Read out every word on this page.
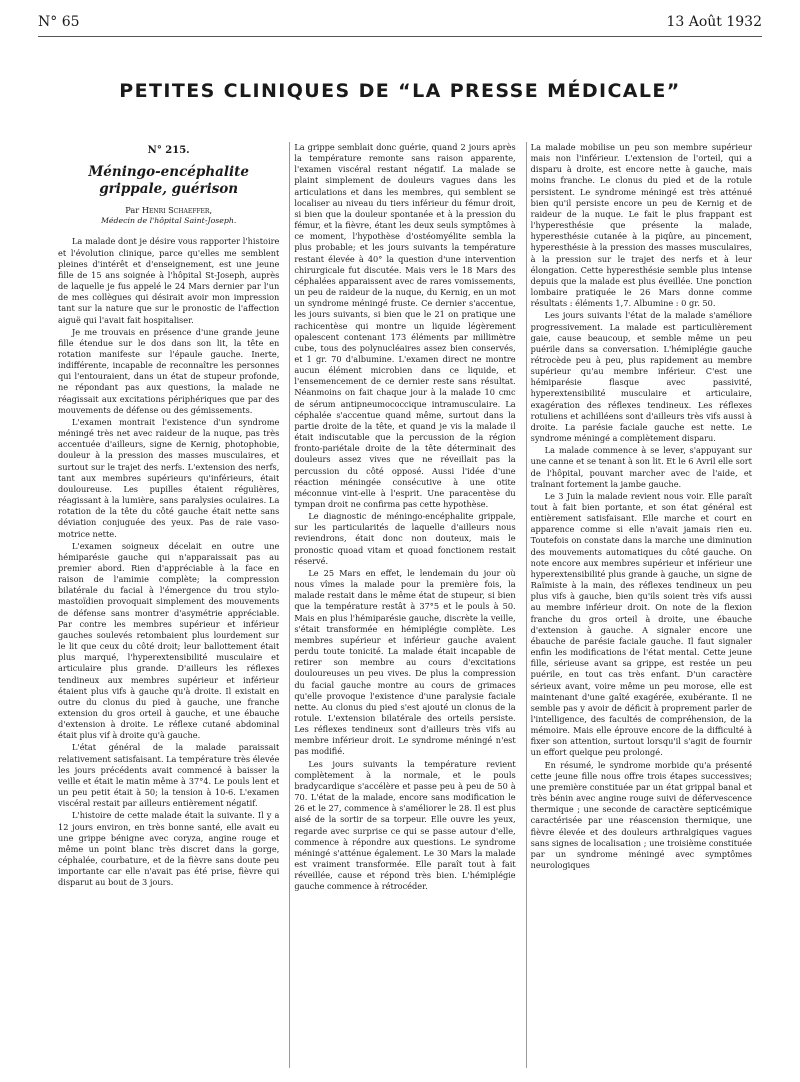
N° 65	13 Août 1932
PETITES CLINIQUES DE “LA PRESSE MÉDICALE”
N° 215.
Méningo-encéphalite grippale, guérison
Par Henri Schaeffer,
Médecin de l'hôpital Saint-Joseph.

La malade dont je désire vous rapporter l'histoire et l'évolution clinique, parce qu'elles me semblent pleines d'intérêt et d'enseignement, est une jeune fille de 15 ans soignée à l'hôpital St-Joseph, auprès de laquelle je fus appelé le 24 Mars dernier par l'un de mes collègues qui désirait avoir mon impression tant sur la nature que sur le pronostic de l'affection aiguë qui l'avait fait hospitaliser.

Je me trouvais en présence d'une grande jeune fille étendue sur le dos dans son lit, la tête en rotation manifeste sur l'épaule gauche. Inerte, indifférente, incapable de reconnaître les personnes qui l'entouraient, dans un état de stupeur profonde, ne répondant pas aux questions, la malade ne réagissait aux excitations périphériques que par des mouvements de défense ou des gémissements.

L'examen montrait l'existence d'un syndrome méningé très net avec raideur de la nuque, pas très accentuée d'ailleurs, signe de Kernig, photophobie, douleur à la pression des masses musculaires, et surtout sur le trajet des nerfs. L'extension des nerfs, tant aux membres supérieurs qu'inférieurs, était douloureuse. Les pupilles étaient régulières, réagissant à la lumière, sans paralysies oculaires. La rotation de la tête du côté gauche était nette sans déviation conjuguée des yeux. Pas de raie vaso-motrice nette.

L'examen soigneux décelait en outre une hémiparésie gauche qui n'apparaissait pas au premier abord. Rien d'appréciable à la face en raison de l'amimie complète; la compression bilatérale du facial à l'émergence du trou stylo-mastoïdien provoquait simplement des mouvements de défense sans montrer d'asymétrie appréciable. Par contre les membres supérieur et inférieur gauches soulevés retombaient plus lourdement sur le lit que ceux du côté droit; leur ballottement était plus marqué, l'hyperextensibilité musculaire et articulaire plus grande. D'ailleurs les réflexes tendineux aux membres supérieur et inférieur étaient plus vifs à gauche qu'à droite. Il existait en outre du clonus du pied à gauche, une franche extension du gros orteil à gauche, et une ébauche d'extension à droite. Le réflexe cutané abdominal était plus vif à droite qu'à gauche.

L'état général de la malade paraissait relativement satisfaisant. La température très élevée les jours précédents avait commencé à baisser la veille et était le matin même à 37°4. Le pouls lent et un peu petit était à 50; la tension à 10-6. L'examen viscéral restait par ailleurs entièrement négatif.

L'histoire de cette malade était la suivante. Il y a 12 jours environ, en très bonne santé, elle avait eu une grippe bénigne avec coryza, angine rouge et même un point blanc très discret dans la gorge, céphalée, courbature, et de la fièvre sans doute peu importante car elle n'avait pas été prise, fièvre qui disparut au bout de 3 jours.

La grippe semblait donc guérie, quand 2 jours après la température remonte sans raison apparente, l'examen viscéral restant négatif. La malade se plaint simplement de douleurs vagues dans les articulations et dans les membres, qui semblent se localiser au niveau du tiers inférieur du fémur droit, si bien que la douleur spontanée et à la pression du fémur, et la fièvre, étant les deux seuls symptômes à ce moment, l'hypothèse d'ostéomyélite sembla la plus probable; et les jours suivants la température restant élevée à 40° la question d'une intervention chirurgicale fut discutée. Mais vers le 18 Mars des céphalées apparaissent avec de rares vomissements, un peu de raideur de la nuque, du Kernig, en un mot un syndrome méningé fruste. Ce dernier s'accentue, les jours suivants, si bien que le 21 on pratique une rachicentèse qui montre un liquide légèrement opalescent contenant 173 éléments par millimètre cube, tous des polynucléaires assez bien conservés, et 1 gr. 70 d'albumine. L'examen direct ne montre aucun élément microbien dans ce liquide, et l'ensemencement de ce dernier reste sans résultat. Néanmoins on fait chaque jour à la malade 10 cmc de sérum antipneumococcique intramusculaire. La céphalée s'accentue quand même, surtout dans la partie droite de la tête, et quand je vis la malade il était indiscutable que la percussion de la région fronto-pariétale droite de la tête déterminait des douleurs assez vives que ne réveillait pas la percussion du côté opposé. Aussi l'idée d'une réaction méningée consécutive à une otite méconnue vint-elle à l'esprit. Une paracentèse du tympan droit ne confirma pas cette hypothèse.

Le diagnostic de méningo-encéphalite grippale, sur les particularités de laquelle d'ailleurs nous reviendrons, était donc non douteux, mais le pronostic quoad vitam et quoad fonctionem restait réservé.

Le 25 Mars en effet, le lendemain du jour où nous vîmes la malade pour la première fois, la malade restait dans le même état de stupeur, si bien que la température restât à 37°5 et le pouls à 50. Mais en plus l'hémiparésie gauche, discrète la veille, s'était transformée en hémiplégie complète. Les membres supérieur et inférieur gauche avaient perdu toute tonicité. La malade était incapable de retirer son membre au cours d'excitations douloureuses un peu vives. De plus la compression du facial gauche montre au cours de grimaces qu'elle provoque l'existence d'une paralysie faciale nette. Au clonus du pied s'est ajouté un clonus de la rotule. L'extension bilatérale des orteils persiste. Les réflexes tendineux sont d'ailleurs très vifs au membre inférieur droit. Le syndrome méningé n'est pas modifié.

Les jours suivants la température revient complètement à la normale, et le pouls bradycardique s'accélère et passe peu à peu de 50 à 70. L'état de la malade, encore sans modification le 26 et le 27, commence à s'améliorer le 28. Il est plus aisé de la sortir de sa torpeur. Elle ouvre les yeux, regarde avec surprise ce qui se passe autour d'elle, commence à répondre aux questions. Le syndrome méningé s'atténue également. Le 30 Mars la malade est vraiment transformée. Elle paraît tout à fait réveillée, cause et répond très bien. L'hémiplégie gauche commence à rétrocéder.

La malade mobilise un peu son membre supérieur mais non l'inférieur. L'extension de l'orteil, qui a disparu à droite, est encore nette à gauche, mais moins franche. Le clonus du pied et de la rotule persistent. Le syndrome méningé est très atténué bien qu'il persiste encore un peu de Kernig et de raideur de la nuque. Le fait le plus frappant est l'hyperesthésie que présente la malade, hyperesthésie cutanée à la piqûre, au pincement, hyperesthésie à la pression des masses musculaires, à la pression sur le trajet des nerfs et à leur élongation. Cette hyperesthésie semble plus intense depuis que la malade est plus éveillée. Une ponction lombaire pratiquée le 26 Mars donne comme résultats : éléments 1,7. Albumine : 0 gr. 50.

Les jours suivants l'état de la malade s'améliore progressivement. La malade est particulièrement gaie, cause beaucoup, et semble même un peu puérile dans sa conversation. L'hémiplégie gauche rétrocède peu à peu, plus rapidement au membre supérieur qu'au membre inférieur. C'est une hémiparésie flasque avec passivité, hyperextensibilité musculaire et articulaire, exagération des réflexes tendineux. Les réflexes rotuliens et achilléens sont d'ailleurs très vifs aussi à droite. La parésie faciale gauche est nette. Le syndrome méningé a complètement disparu.

La malade commence à se lever, s'appuyant sur une canne et se tenant à son lit. Et le 6 Avril elle sort de l'hôpital, pouvant marcher avec de l'aide, et traînant fortement la jambe gauche.

Le 3 Juin la malade revient nous voir. Elle paraît tout à fait bien portante, et son état général est entièrement satisfaisant. Elle marche et court en apparence comme si elle n'avait jamais rien eu. Toutefois on constate dans la marche une diminution des mouvements automatiques du côté gauche. On note encore aux membres supérieur et inférieur une hyperextensibilité plus grande à gauche, un signe de Raïmiste à la main, des réflexes tendineux un peu plus vifs à gauche, bien qu'ils soient très vifs aussi au membre inférieur droit. On note de la flexion franche du gros orteil à droite, une ébauche d'extension à gauche. A signaler encore une ébauche de parésie faciale gauche. Il faut signaler enfin les modifications de l'état mental. Cette jeune fille, sérieuse avant sa grippe, est restée un peu puérile, en tout cas très enfant. D'un caractère sérieux avant, voire même un peu morose, elle est maintenant d'une gaîté exagérée, exubérante. Il ne semble pas y avoir de déficit à proprement parler de l'intelligence, des facultés de compréhension, de la mémoire. Mais elle éprouve encore de la difficulté à fixer son attention, surtout lorsqu'il s'agit de fournir un effort quelque peu prolongé.

En résumé, le syndrome morbide qu'a présenté cette jeune fille nous offre trois étapes successives; une première constituée par un état grippal banal et très bénin avec angine rouge suivi de défervescence thermique ; une seconde de caractère septicémique caractérisée par une réascension thermique, une fièvre élevée et des douleurs arthralgiques vagues sans signes de localisation ; une troisième constituée par un syndrome méningé avec symptômes neurologiques
